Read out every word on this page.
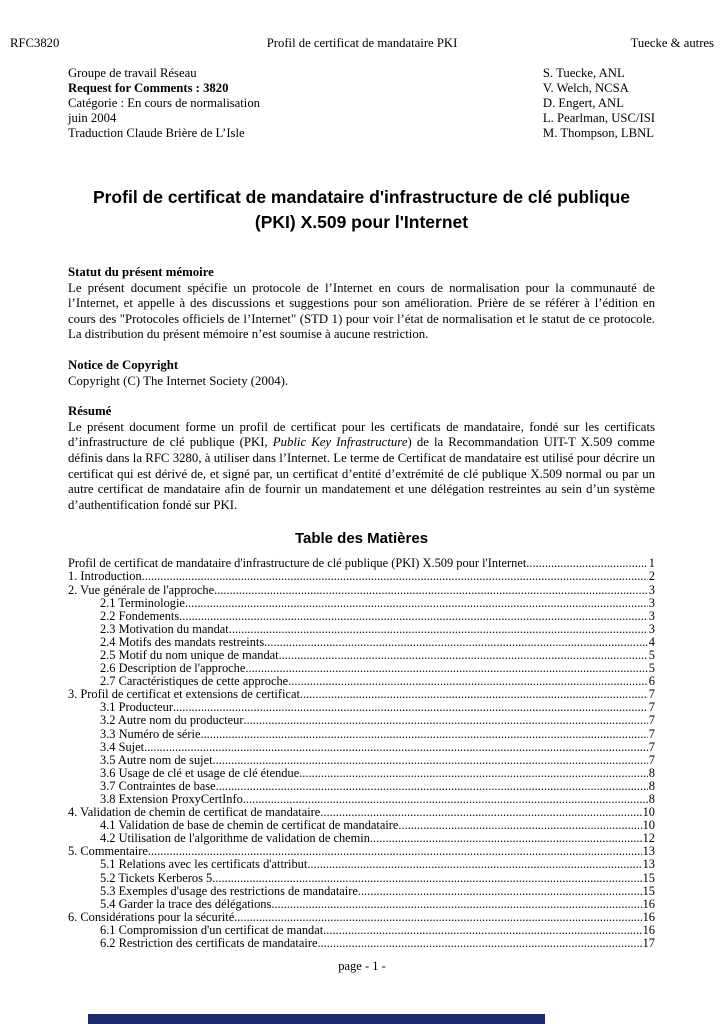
RFC3820	Profil de certificat de mandataire PKI	Tuecke & autres
Groupe de travail Réseau
Request for Comments : 3820
Catégorie : En cours de normalisation
juin 2004
Traduction Claude Brière de L’Isle
S. Tuecke, ANL
V. Welch, NCSA
D. Engert, ANL
L. Pearlman, USC/ISI
M. Thompson, LBNL
Profil de certificat de mandataire d'infrastructure de clé publique
(PKI) X.509 pour l'Internet
Statut du présent mémoire
Le présent document spécifie un protocole de l’Internet en cours de normalisation pour la communauté de l’Internet, et appelle à des discussions et suggestions pour son amélioration. Prière de se référer à l’édition en cours des "Protocoles officiels de l’Internet" (STD 1) pour voir l’état de normalisation et le statut de ce protocole. La distribution du présent mémoire n’est soumise à aucune restriction.
Notice de Copyright
Copyright (C) The Internet Society (2004).
Résumé
Le présent document forme un profil de certificat pour les certificats de mandataire, fondé sur les certificats d’infrastructure de clé publique (PKI, Public Key Infrastructure) de la Recommandation UIT-T X.509 comme définis dans la RFC 3280, à utiliser dans l’Internet. Le terme de Certificat de mandataire est utilisé pour décrire un certificat qui est dérivé de, et signé par, un certificat d’entité d’extrémité de clé publique X.509 normal ou par un autre certificat de mandataire afin de fournir un mandatement et une délégation restreintes au sein d’un système d’authentification fondé sur PKI.
Table des Matières
Profil de certificat de mandataire d'infrastructure de clé publique (PKI) X.509 pour l'Internet .....	1
1. Introduction .....	2
2. Vue générale de l'approche .....	3
2.1 Terminologie .....	3
2.2 Fondements .....	3
2.3 Motivation du mandat .....	3
2.4 Motifs des mandats restreints .....	4
2.5 Motif du nom unique de mandat .....	5
2.6 Description de l'approche .....	5
2.7 Caractéristiques de cette approche .....	6
3. Profil de certificat et extensions de certificat .....	7
3.1 Producteur .....	7
3.2 Autre nom du producteur .....	7
3.3 Numéro de série .....	7
3.4 Sujet .....	7
3.5 Autre nom de sujet .....	7
3.6 Usage de clé et usage de clé étendue .....	8
3.7 Contraintes de base .....	8
3.8 Extension ProxyCertInfo .....	8
4. Validation de chemin de certificat de mandataire .....	10
4.1 Validation de base de chemin de certificat de mandataire .....	10
4.2 Utilisation de l'algorithme de validation de chemin .....	12
5. Commentaire .....	13
5.1 Relations avec les certificats d'attribut .....	13
5.2 Tickets Kerberos 5 .....	15
5.3 Exemples d'usage des restrictions de mandataire .....	15
5.4 Garder la trace des délégations .....	16
6. Considérations pour la sécurité .....	16
6.1 Compromission d'un certificat de mandat .....	16
6.2 Restriction des certificats de mandataire .....	17
page - 1 -
